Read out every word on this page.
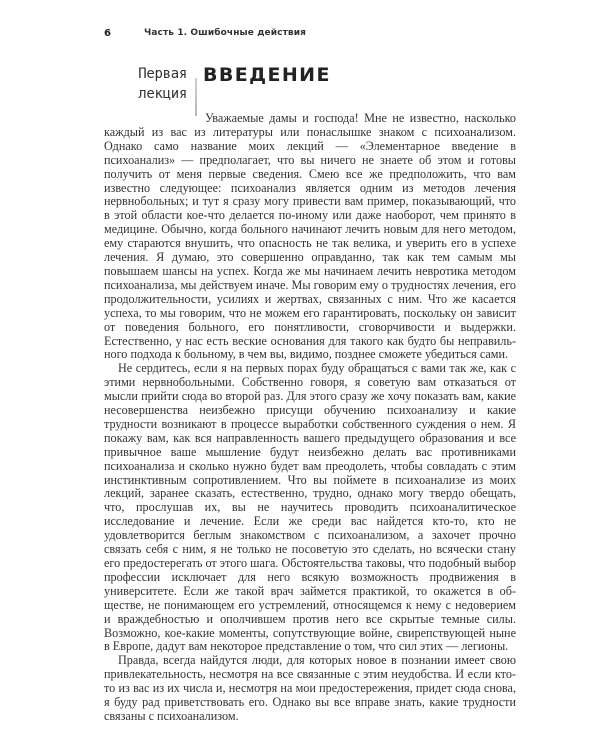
6	Часть 1. Ошибочные действия
Первая
лекция
ВВЕДЕНИЕ

Уважаемые дамы и господа! Мне не известно, насколько каждый из вас из литературы или понаслышке знаком с психоанализом. Однако само название моих лекций — «Элементарное введение в психоанализ» — предполагает, что вы ничего не знаете об этом и готовы получить от меня первые сведения. Смею все же предположить, что вам известно следующее: психоанализ является одним из методов лечения нервнобольных; и тут я сразу могу привести вам пример, показывающий, что в этой области кое-что делается по-иному или даже наоборот, чем принято в медицине. Обычно, когда больного начинают лечить новым для него методом, ему стараются внушить, что опасность не так велика, и уверить его в успехе лечения. Я думаю, это совершенно оправданно, так как тем самым мы повышаем шансы на успех. Когда же мы начинаем лечить невротика методом психоанализа, мы действуем иначе. Мы говорим ему о трудностях лечения, его продолжительности, усилиях и жертвах, связанных с ним. Что же касается успеха, то мы говорим, что не можем его гарантировать, поскольку он зависит от поведения больного, его понятливости, сговорчивости и выдержки. Естественно, у нас есть веские основания для такого как будто бы неправильного подхода к больному, в чем вы, видимо, позднее сможете убедиться сами.

Не сердитесь, если я на первых порах буду обращаться с вами так же, как с этими нервнобольными. Собственно говоря, я советую вам отказаться от мысли прийти сюда во второй раз. Для этого сразу же хочу показать вам, какие несовершенства неизбежно присущи обучению психоанализу и какие трудности возникают в процессе выработки собственного суждения о нем. Я покажу вам, как вся направленность вашего предыдущего образования и все привычное ваше мышление будут неизбежно делать вас противниками психоанализа и сколько нужно будет вам преодолеть, чтобы совладать с этим инстинктивным сопротивлением. Что вы поймете в психоанализе из моих лекций, заранее сказать, естественно, трудно, однако могу твердо обещать, что, прослушав их, вы не научитесь проводить психоаналитическое исследование и лечение. Если же среди вас найдется кто-то, кто не удовлетворится беглым знакомством с психоанализом, а захочет прочно связать себя с ним, я не только не посоветую это сделать, но всячески стану его предостерегать от этого шага. Обстоятельства таковы, что подобный выбор профессии исключает для него всякую возможность продвижения в университете. Если же такой врач займется практикой, то окажется в обществе, не понимающем его устремлений, относящемся к нему с недоверием и враждебностью и ополчившем против него все скрытые темные силы. Возможно, кое-какие моменты, сопутствующие войне, свирепствующей ныне в Европе, дадут вам некоторое представление о том, что сил этих — легионы.

Правда, всегда найдутся люди, для которых новое в познании имеет свою привлекательность, несмотря на все связанные с этим неудобства. И если кто-то из вас из их числа и, несмотря на мои предостережения, придет сюда снова, я буду рад приветствовать его. Однако вы все вправе знать, какие трудности связаны с психоанализом.
